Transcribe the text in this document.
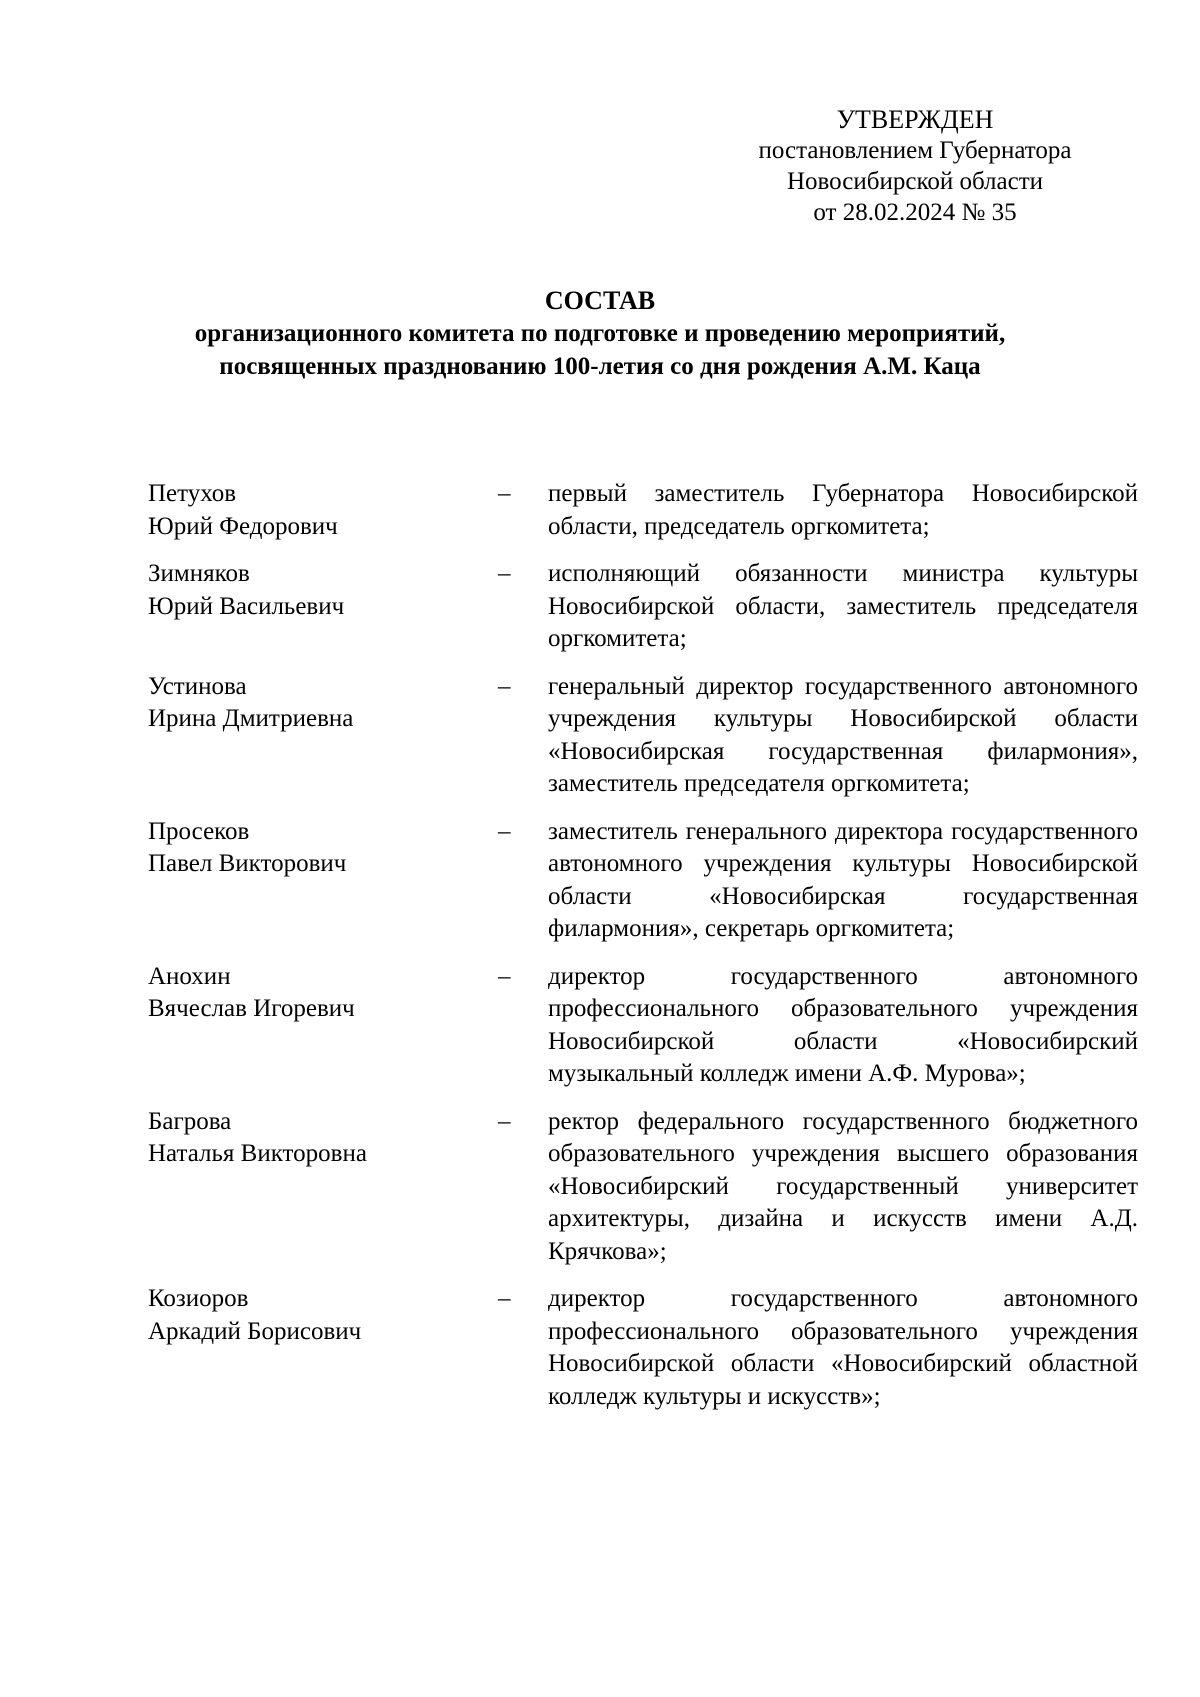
УТВЕРЖДЕН
постановлением Губернатора
Новосибирской области
от 28.02.2024 № 35
СОСТАВ
организационного комитета по подготовке и проведению мероприятий,
посвященных празднованию 100-летия со дня рождения А.М. Каца
Петухов
Юрий Федорович
–	первый заместитель Губернатора Новосибирской области, председатель оргкомитета;
Зимняков
Юрий Васильевич
–	исполняющий обязанности министра культуры Новосибирской области, заместитель председателя оргкомитета;
Устинова
Ирина Дмитриевна
–	генеральный директор государственного автономного учреждения культуры Новосибирской области «Новосибирская государственная филармония», заместитель председателя оргкомитета;
Просеков
Павел Викторович
–	заместитель генерального директора государственного автономного учреждения культуры Новосибирской области «Новосибирская государственная филармония», секретарь оргкомитета;
Анохин
Вячеслав Игоревич
–	директор государственного автономного профессионального образовательного учреждения Новосибирской области «Новосибирский музыкальный колледж имени А.Ф. Мурова»;
Багрова
Наталья Викторовна
–	ректор федерального государственного бюджетного образовательного учреждения высшего образования «Новосибирский государственный университет архитектуры, дизайна и искусств имени А.Д. Крячкова»;
Козиоров
Аркадий Борисович
–	директор государственного автономного профессионального образовательного учреждения Новосибирской области «Новосибирский областной колледж культуры и искусств»;
